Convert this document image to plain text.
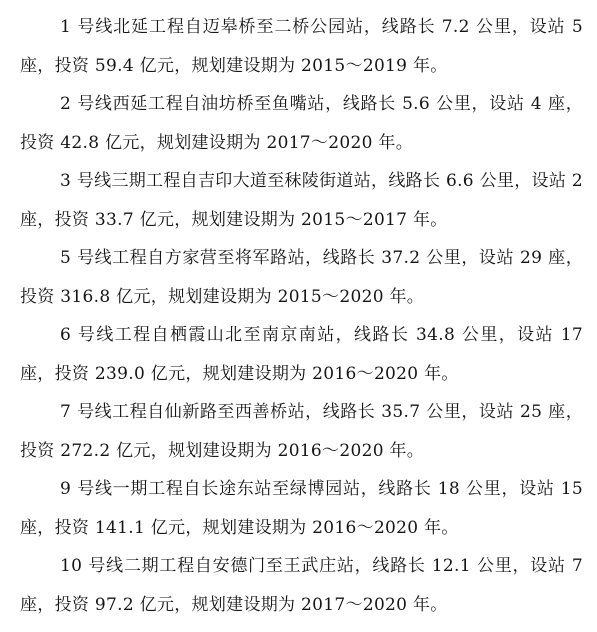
1 号线北延工程自迈皋桥至二桥公园站，线路长 7.2 公里，设站 5 座，投资 59.4 亿元，规划建设期为 2015～2019 年。

2 号线西延工程自油坊桥至鱼嘴站，线路长 5.6 公里，设站 4 座，投资 42.8 亿元，规划建设期为 2017～2020 年。

3 号线三期工程自吉印大道至秣陵街道站，线路长 6.6 公里，设站 2 座，投资 33.7 亿元，规划建设期为 2015～2017 年。

5 号线工程自方家营至将军路站，线路长 37.2 公里，设站 29 座，投资 316.8 亿元，规划建设期为 2015～2020 年。

6 号线工程自栖霞山北至南京南站，线路长 34.8 公里，设站 17 座，投资 239.0 亿元，规划建设期为 2016～2020 年。

7 号线工程自仙新路至西善桥站，线路长 35.7 公里，设站 25 座，投资 272.2 亿元，规划建设期为 2016～2020 年。

9 号线一期工程自长途东站至绿博园站，线路长 18 公里，设站 15 座，投资 141.1 亿元，规划建设期为 2016～2020 年。

10 号线二期工程自安德门至王武庄站，线路长 12.1 公里，设站 7 座，投资 97.2 亿元，规划建设期为 2017～2020 年。
